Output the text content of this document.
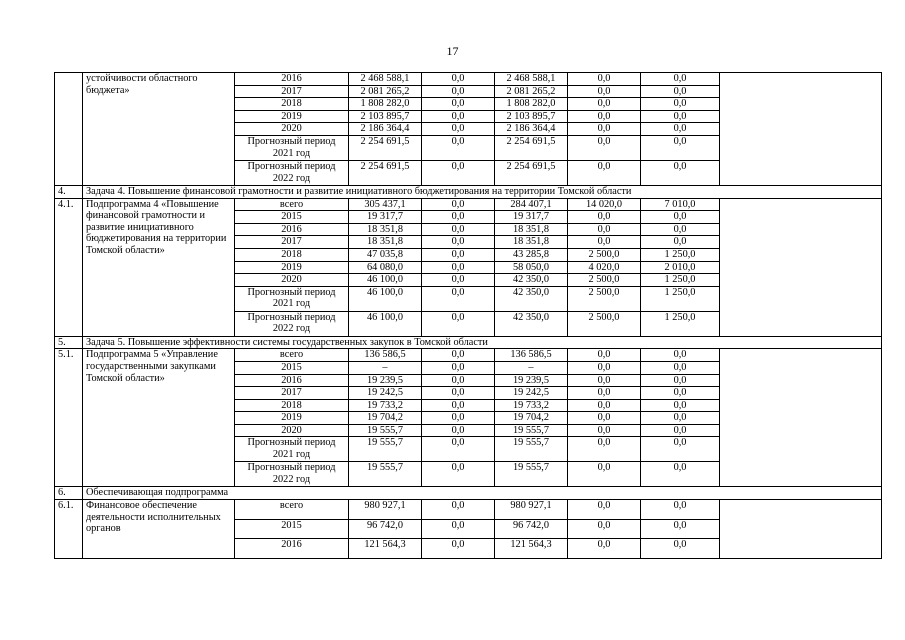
17
	устойчивости областного бюджета»	2016	2 468 588,1	0,0	2 468 588,1	0,0	0,0		
		2017	2 081 265,2	0,0	2 081 265,2	0,0	0,0		
		2018	1 808 282,0	0,0	1 808 282,0	0,0	0,0		
		2019	2 103 895,7	0,0	2 103 895,7	0,0	0,0		
		2020	2 186 364,4	0,0	2 186 364,4	0,0	0,0		
		Прогнозный период 2021 год	2 254 691,5	0,0	2 254 691,5	0,0	0,0		
		Прогнозный период 2022 год	2 254 691,5	0,0	2 254 691,5	0,0	0,0		
4.	Задача 4. Повышение финансовой грамотности и развитие инициативного бюджетирования на территории Томской области								
4.1.	Подпрограмма 4 «Повышение финансовой грамотности и развитие инициативного бюджетирования на территории Томской области»	всего	305 437,1	0,0	284 407,1	14 020,0	7 010,0		
		2015	19 317,7	0,0	19 317,7	0,0	0,0		
		2016	18 351,8	0,0	18 351,8	0,0	0,0		
		2017	18 351,8	0,0	18 351,8	0,0	0,0		
		2018	47 035,8	0,0	43 285,8	2 500,0	1 250,0		
		2019	64 080,0	0,0	58 050,0	4 020,0	2 010,0		
		2020	46 100,0	0,0	42 350,0	2 500,0	1 250,0		
		Прогнозный период 2021 год	46 100,0	0,0	42 350,0	2 500,0	1 250,0		
		Прогнозный период 2022 год	46 100,0	0,0	42 350,0	2 500,0	1 250,0		
5.	Задача 5. Повышение эффективности системы государственных закупок в Томской области								
5.1.	Подпрограмма 5 «Управление государственными закупками Томской области»	всего	136 586,5	0,0	136 586,5	0,0	0,0		
		2015	–	0,0	–	0,0	0,0		
		2016	19 239,5	0,0	19 239,5	0,0	0,0		
		2017	19 242,5	0,0	19 242,5	0,0	0,0		
		2018	19 733,2	0,0	19 733,2	0,0	0,0		
		2019	19 704,2	0,0	19 704,2	0,0	0,0		
		2020	19 555,7	0,0	19 555,7	0,0	0,0		
		Прогнозный период 2021 год	19 555,7	0,0	19 555,7	0,0	0,0		
		Прогнозный период 2022 год	19 555,7	0,0	19 555,7	0,0	0,0		
6.	Обеспечивающая подпрограмма								
6.1.	Финансовое обеспечение деятельности исполнительных органов	всего	980 927,1	0,0	980 927,1	0,0	0,0		
		2015	96 742,0	0,0	96 742,0	0,0	0,0		
		2016	121 564,3	0,0	121 564,3	0,0	0,0		
